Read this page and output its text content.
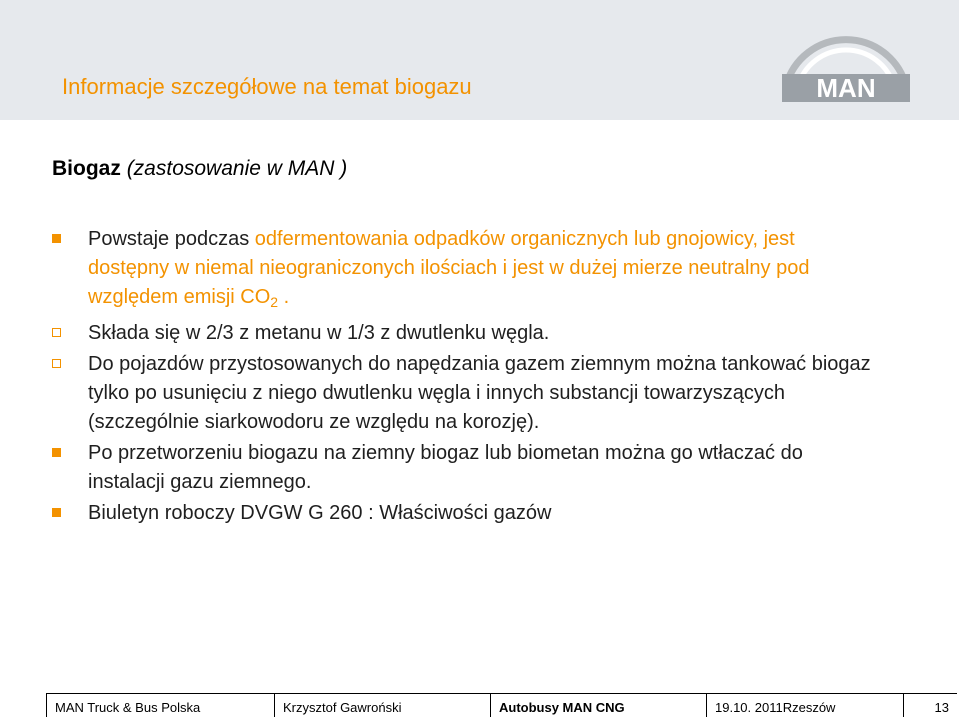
Informacje szczegółowe na temat biogazu	MAN
Biogaz (zastosowanie w MAN )
Powstaje podczas odfermentowania odpadków organicznych lub gnojowicy, jest dostępny w niemal nieograniczonych ilościach i jest w dużej mierze neutralny pod względem emisji $CO_2$ .
Składa się w 2/3 z metanu w 1/3 z dwutlenku węgla.
Do pojazdów przystosowanych do napędzania gazem ziemnym można tankować biogaz tylko po usunięciu z niego dwutlenku węgla i innych substancji towarzyszących (szczególnie siarkowodoru ze względu na korozję).
Po przetworzeniu biogazu na ziemny biogaz lub biometan można go wtłaczać do instalacji gazu ziemnego.
Biuletyn roboczy DVGW G 260 : Właściwości gazów
MAN Truck & Bus Polska	Krzysztof Gawroński	Autobusy MAN CNG	19.10. 2011Rzeszów	13
